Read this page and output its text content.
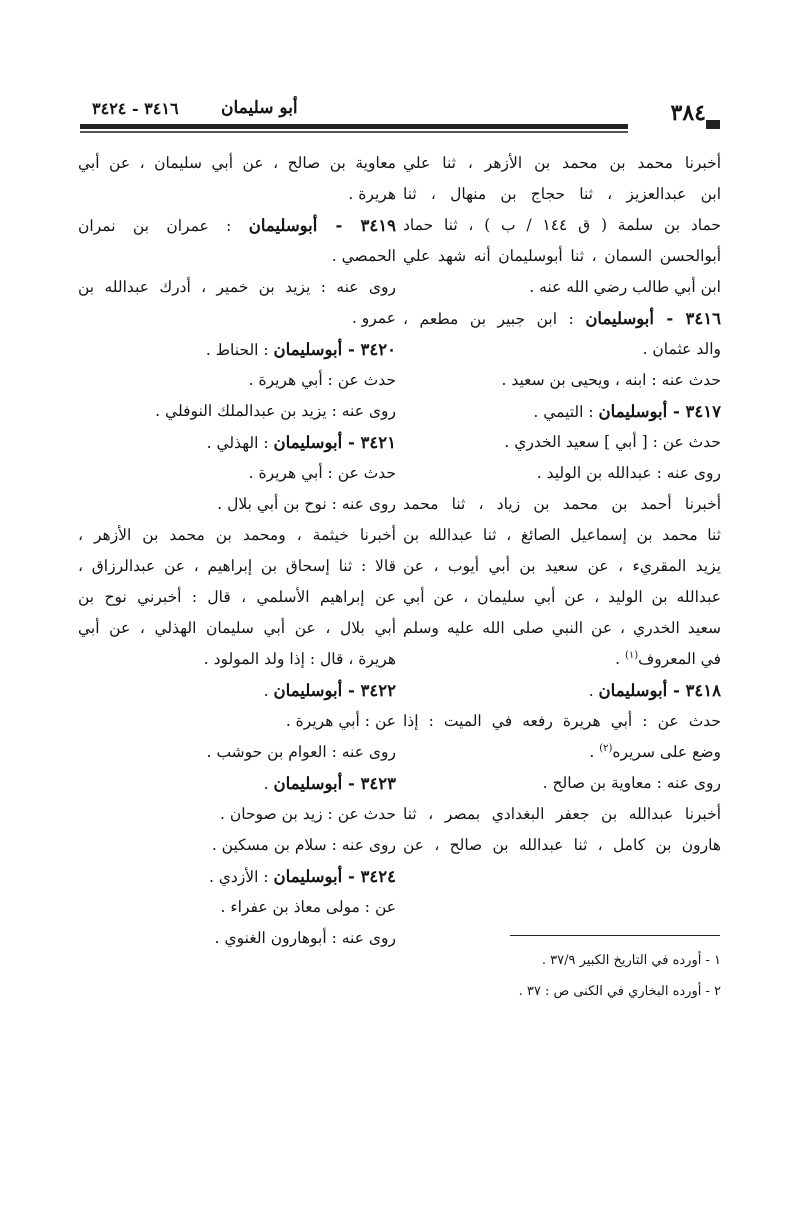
٣٨٤
أبو سليمان
٣٤١٦ - ٣٤٢٤
أخبرنا محمد بن محمد بن الأزهر ، ثنا علي
ابن عبدالعزيز ، ثنا حجاج بن منهال ، ثنا
حماد بن سلمة ( ق ١٤٤ / ب ) ، ثنا حماد
أبوالحسن السمان ، ثنا أبوسليمان أنه شهد علي
ابن أبي طالب رضي الله عنه .
٣٤١٦ - أبوسليمان : ابن جبير بن مطعم ،
والد عثمان .
حدث عنه : ابنه ، ويحيى بن سعيد .
٣٤١٧ - أبوسليمان : التيمي .
حدث عن : [ أبي ] سعيد الخدري .
روى عنه : عبدالله بن الوليد .
أخبرنا أحمد بن محمد بن زياد ، ثنا محمد
ثنا محمد بن إسماعيل الصائغ ، ثنا عبدالله بن
يزيد المقريء ، عن سعيد بن أبي أيوب ، عن
عبدالله بن الوليد ، عن أبي سليمان ، عن أبي
سعيد الخدري ، عن النبي صلى الله عليه وسلم
في المعروف$^{(١)}$ .
٣٤١٨ - أبوسليمان .
حدث عن : أبي هريرة رفعه في الميت : إذا
وضع على سريره$^{(٢)}$ .
روى عنه : معاوية بن صالح .
أخبرنا عبدالله بن جعفر البغدادي بمصر ، ثنا
هارون بن كامل ، ثنا عبدالله بن صالح ، عن
معاوية بن صالح ، عن أبي سليمان ، عن أبي
هريرة .
٣٤١٩ - أبوسليمان : عمران بن نمران
الحمصي .
روى عنه : يزيد بن خمير ، أدرك عبدالله بن
عمرو .
٣٤٢٠ - أبوسليمان : الحناط .
حدث عن : أبي هريرة .
روى عنه : يزيد بن عبدالملك النوفلي .
٣٤٢١ - أبوسليمان : الهذلي .
حدث عن : أبي هريرة .
روى عنه : نوح بن أبي بلال .
أخبرنا خيثمة ، ومحمد بن محمد بن الأزهر ،
قالا : ثنا إسحاق بن إبراهيم ، عن عبدالرزاق ،
عن إبراهيم الأسلمي ، قال : أخبرني نوح بن
أبي بلال ، عن أبي سليمان الهذلي ، عن أبي
هريرة ، قال : إذا ولد المولود .
٣٤٢٢ - أبوسليمان .
عن : أبي هريرة .
روى عنه : العوام بن حوشب .
٣٤٢٣ - أبوسليمان .
حدث عن : زيد بن صوحان .
روى عنه : سلام بن مسكين .
٣٤٢٤ - أبوسليمان : الأزدي .
عن : مولى معاذ بن عفراء .
روى عنه : أبوهارون الغنوي .
١ - أورده في التاريخ الكبير ٣٧/٩ .
٢ - أورده البخاري في الكنى ص : ٣٧ .
